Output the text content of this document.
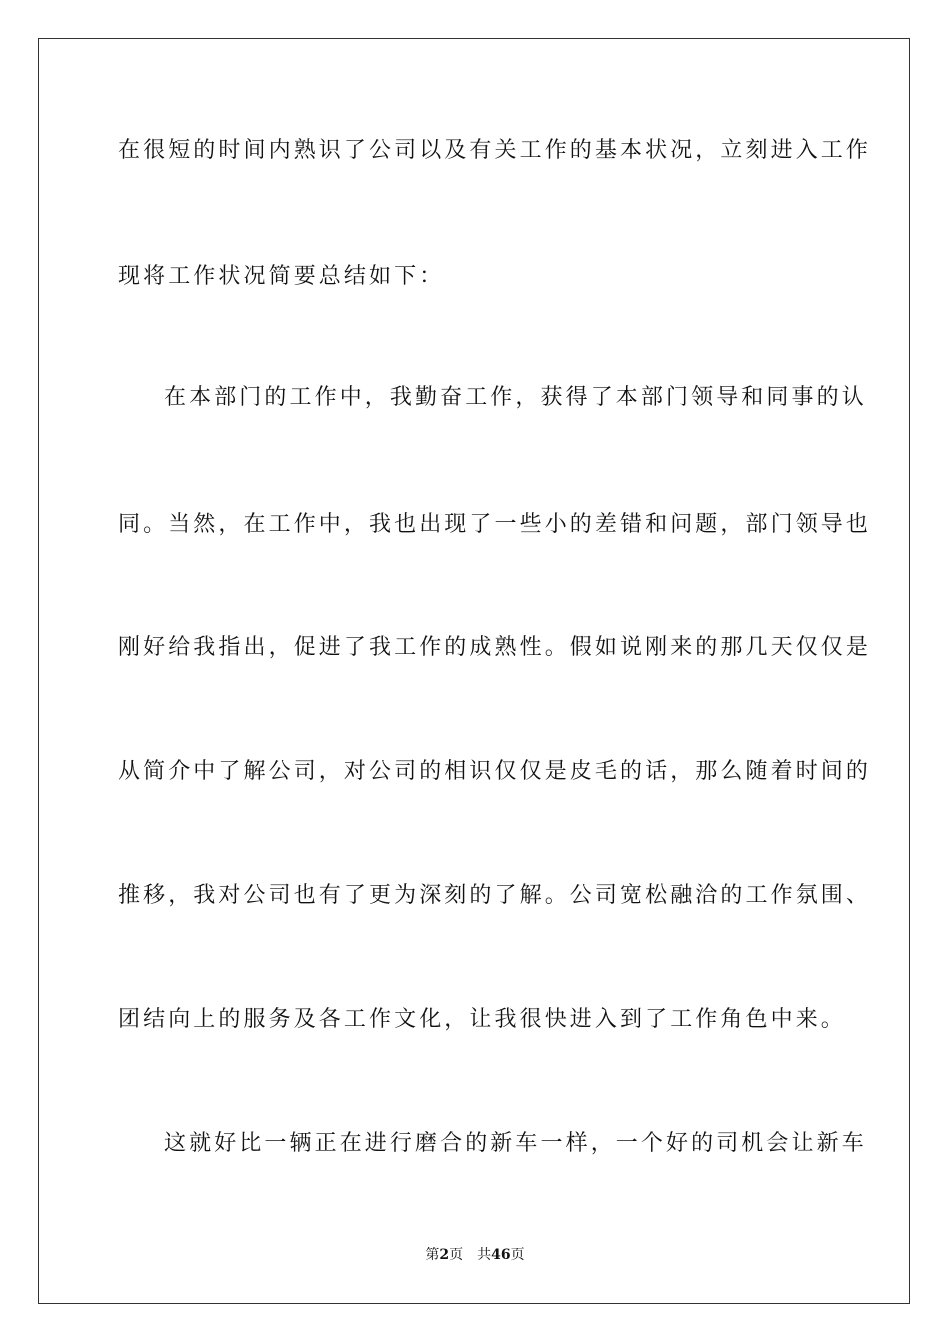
在很短的时间内熟识了公司以及有关工作的基本状况，立刻进入工作
现将工作状况简要总结如下：
在本部门的工作中，我勤奋工作，获得了本部门领导和同事的认
同。当然，在工作中，我也出现了一些小的差错和问题，部门领导也
刚好给我指出，促进了我工作的成熟性。假如说刚来的那几天仅仅是
从简介中了解公司，对公司的相识仅仅是皮毛的话，那么随着时间的
推移，我对公司也有了更为深刻的了解。公司宽松融洽的工作氛围、
团结向上的服务及各工作文化，让我很快进入到了工作角色中来。
这就好比一辆正在进行磨合的新车一样，一个好的司机会让新车
第2页 共46页
